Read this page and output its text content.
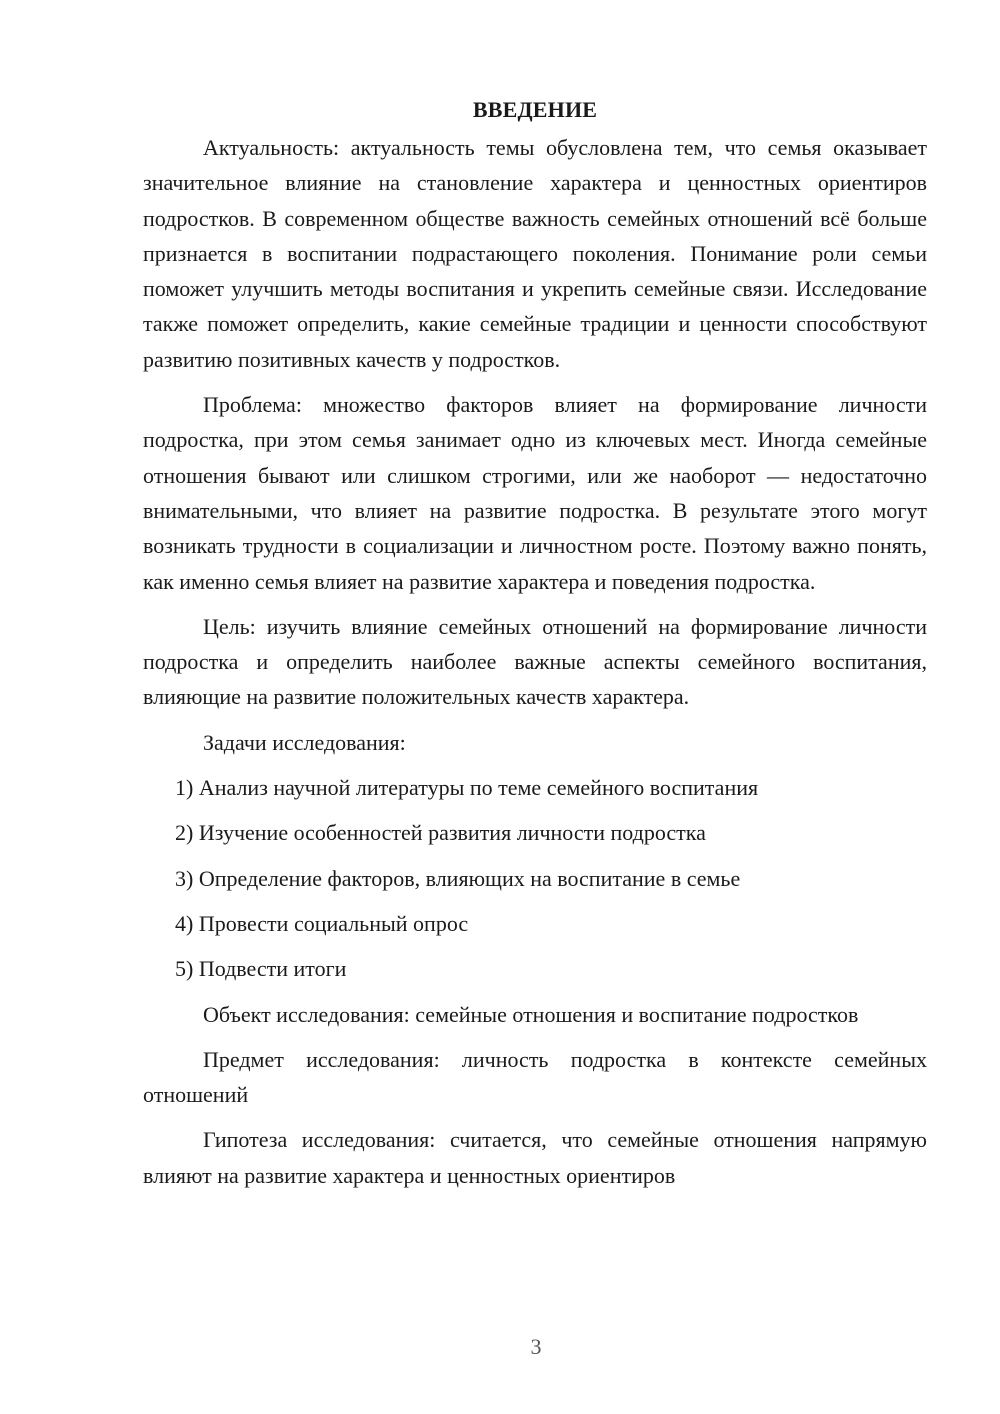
ВВЕДЕНИЕ

Актуальность: актуальность темы обусловлена тем, что семья оказывает значительное влияние на становление характера и ценностных ориентиров подростков. В современном обществе важность семейных отношений всё больше признается в воспитании подрастающего поколения. Понимание роли семьи поможет улучшить методы воспитания и укрепить семейные связи. Исследование также поможет определить, какие семейные традиции и ценности способствуют развитию позитивных качеств у подростков.

Проблема: множество факторов влияет на формирование личности подростка, при этом семья занимает одно из ключевых мест. Иногда семейные отношения бывают или слишком строгими, или же наоборот — недостаточно внимательными, что влияет на развитие подростка. В результате этого могут возникать трудности в социализации и личностном росте. Поэтому важно понять, как именно семья влияет на развитие характера и поведения подростка.

Цель: изучить влияние семейных отношений на формирование личности подростка и определить наиболее важные аспекты семейного воспитания, влияющие на развитие положительных качеств характера.

Задачи исследования:
1) Анализ научной литературы по теме семейного воспитания
2) Изучение особенностей развития личности подростка
3) Определение факторов, влияющих на воспитание в семье
4) Провести социальный опрос
5) Подвести итоги

Объект исследования: семейные отношения и воспитание подростков

Предмет исследования: личность подростка в контексте семейных отношений

Гипотеза исследования: считается, что семейные отношения напрямую влияют на развитие характера и ценностных ориентиров

3
